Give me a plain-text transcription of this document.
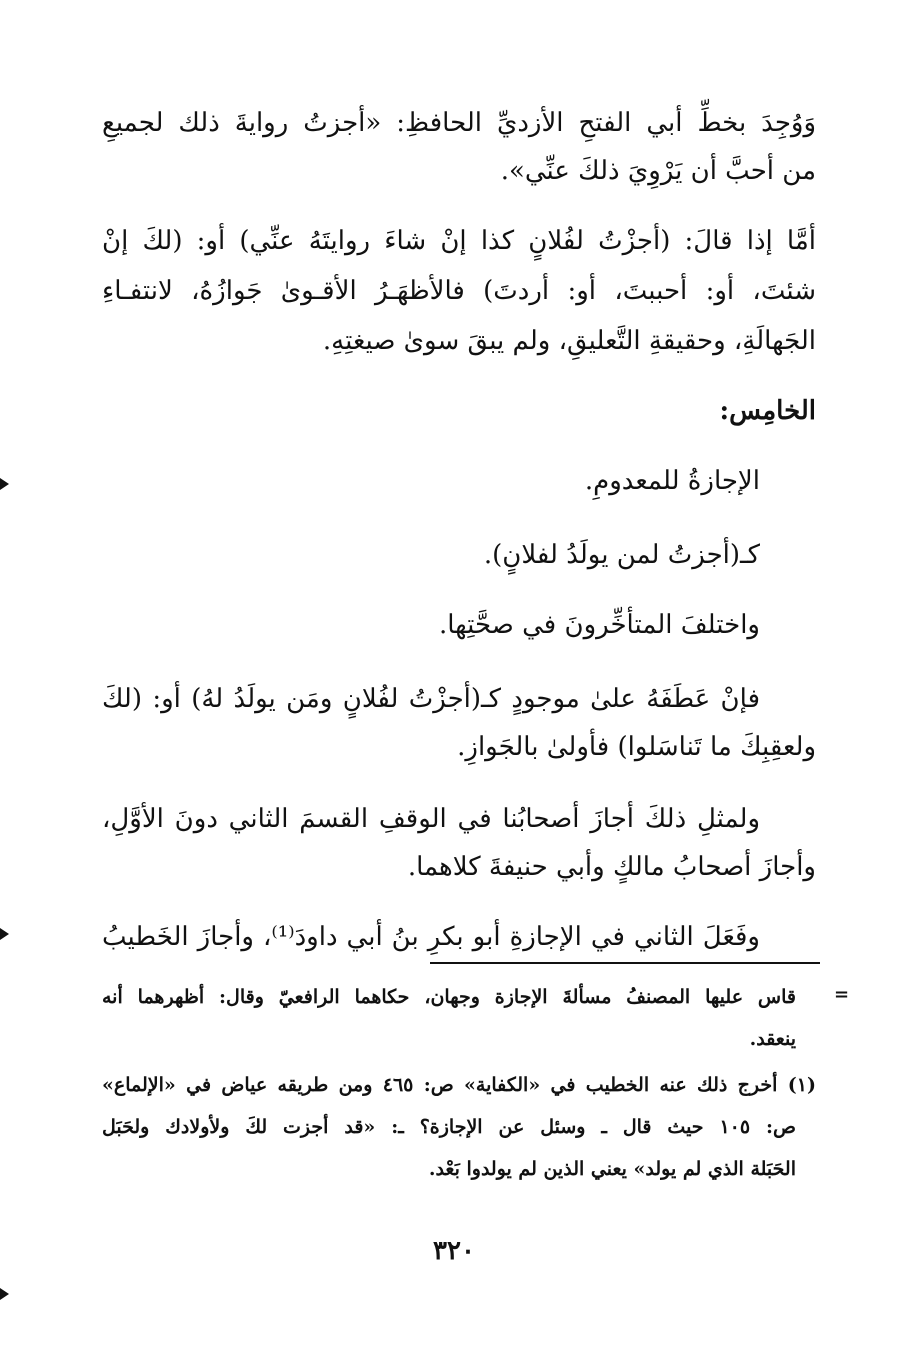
وَوُجِدَ بخطِّ أبي الفتحِ الأزديِّ الحافظِ: «أجزتُ روايةَ ذلك لجميعِ
من أحبَّ أن يَرْوِيَ ذلكَ عنِّي».
أمَّا إذا قالَ: (أجزْتُ لفُلانٍ كذا إنْ شاءَ روايتَهُ عنِّي) أو: (لكَ إنْ
شئتَ، أو: أحببتَ، أو: أردتَ) فالأظهَـرُ الأقـوىٰ جَوازُهُ، لانتفـاءِ
الجَهالَةِ، وحقيقةِ التَّعليقِ، ولم يبقَ سوىٰ صيغتِهِ.
الخامِس:
الإجازةُ للمعدومِ.
كـ(أجزتُ لمن يولَدُ لفلانٍ).
واختلفَ المتأخِّرونَ في صحَّتِها.
فإنْ عَطَفَهُ علىٰ موجودٍ كـ(أجزْتُ لفُلانٍ ومَن يولَدُ لهُ) أو: (لكَ
ولعقِبِكَ ما تَناسَلوا) فأولىٰ بالجَوازِ.
ولمثلِ ذلكَ أجازَ أصحابُنا في الوقفِ القسمَ الثاني دونَ الأوَّلِ،
وأجازَ أصحابُ مالكٍ وأبي حنيفةَ كلاهما.
وفَعَلَ الثاني في الإجازةِ أبو بكرِ بنُ أبي داودَ⁽¹⁾، وأجازَ الخَطيبُ
=
قاس عليها المصنفُ مسألةَ الإجازة وجهان، حكاهما الرافعيّ وقال: أظهرهما أنه
ينعقد.
(١) أخرج ذلك عنه الخطيب في «الكفاية» ص: ٤٦٥ ومن طريقه عياض في «الإلماع»
ص: ١٠٥ حيث قال ـ وسئل عن الإجازة؟ ـ: «قد أجزت لكَ ولأولادك ولحَبَل
الحَبَلة الذي لم يولد» يعني الذين لم يولدوا بَعْد.
٣٢٠
